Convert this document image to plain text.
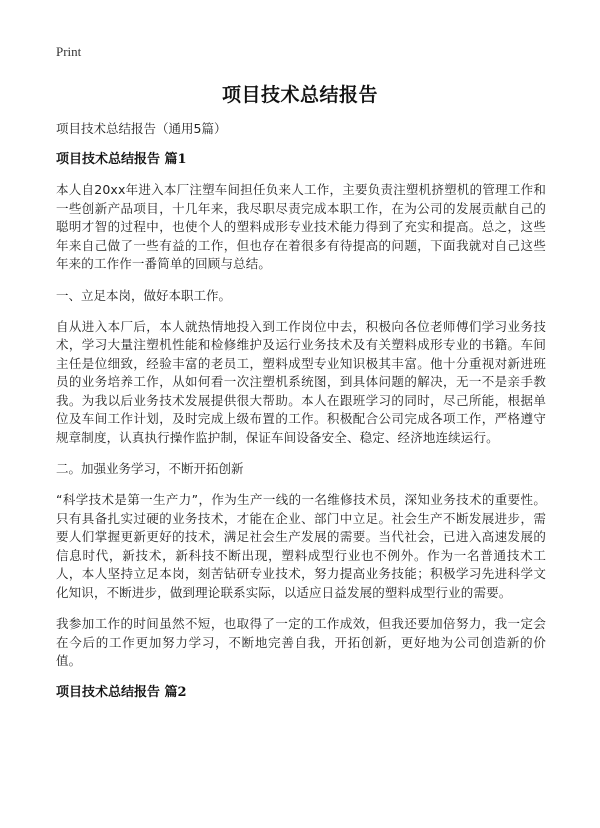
Print
项目技术总结报告

项目技术总结报告（通用5篇）

项目技术总结报告 篇1

本人自20xx年进入本厂注塑车间担任负来人工作，主要负责注塑机挤塑机的管理工作和一些创新产品项目，十几年来，我尽职尽责完成本职工作，在为公司的发展贡献自己的聪明才智的过程中，也使个人的塑料成形专业技术能力得到了充实和提高。总之，这些年来自己做了一些有益的工作，但也存在着很多有待提高的问题，下面我就对自己这些年来的工作作一番简单的回顾与总结。

一、立足本岗，做好本职工作。

自从进入本厂后，本人就热情地投入到工作岗位中去，积极向各位老师傅们学习业务技术，学习大量注塑机性能和检修维护及运行业务技术及有关塑料成形专业的书籍。车间主任是位细致，经验丰富的老员工，塑料成型专业知识极其丰富。他十分重视对新进班员的业务培养工作，从如何看一次注塑机系统图，到具体问题的解决，无一不是亲手教我。为我以后业务技术发展提供很大帮助。本人在跟班学习的同时，尽己所能，根据单位及车间工作计划，及时完成上级布置的工作。积极配合公司完成各项工作，严格遵守规章制度，认真执行操作监护制，保证车间设备安全、稳定、经济地连续运行。

二。加强业务学习，不断开拓创新

“科学技术是第一生产力”，作为生产一线的一名维修技术员，深知业务技术的重要性。只有具备扎实过硬的业务技术，才能在企业、部门中立足。社会生产不断发展进步，需要人们掌握更新更好的技术，满足社会生产发展的需要。当代社会，已进入高速发展的信息时代，新技术，新科技不断出现，塑料成型行业也不例外。作为一名普通技术工人，本人坚持立足本岗，刻苦钻研专业技术，努力提高业务技能；积极学习先进科学文化知识，不断进步，做到理论联系实际，以适应日益发展的塑料成型行业的需要。

我参加工作的时间虽然不短，也取得了一定的工作成效，但我还要加倍努力，我一定会在今后的工作更加努力学习，不断地完善自我，开拓创新，更好地为公司创造新的价值。

项目技术总结报告 篇2
